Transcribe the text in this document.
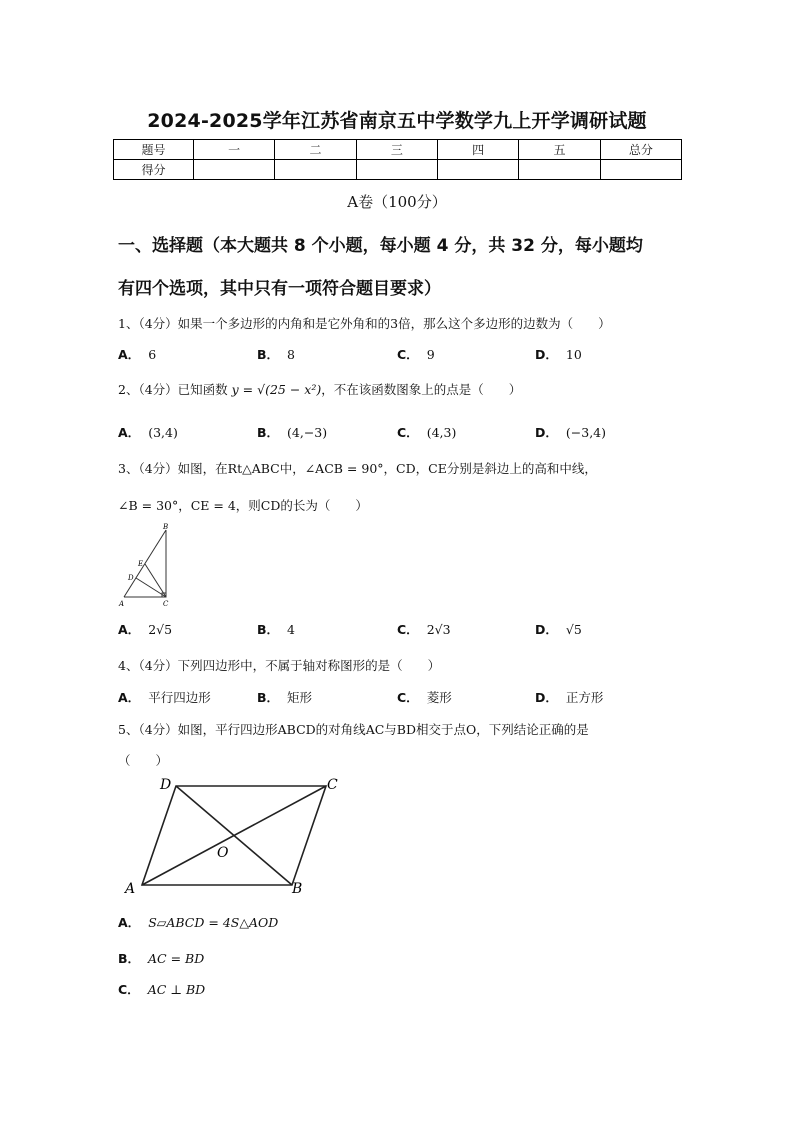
2024-2025学年江苏省南京五中学数学九上开学调研试题
题号	一	二	三	四	五	总分
得分						
A卷（100分）
一、选择题（本大题共 8 个小题，每小题 4 分，共 32 分，每小题均
有四个选项，其中只有一项符合题目要求）
1、（4分）如果一个多边形的内角和是它外角和的3倍，那么这个多边形的边数为（　　）
A． 6	B． 8	C． 9	D． 10
2、（4分）已知函数 y = √(25 − x²)，不在该函数图象上的点是（　　）
A． (3,4)	B． (4,−3)	C． (4,3)	D． (−3,4)
3、（4分）如图，在Rt△ABC中，∠ACB = 90°，CD，CE分别是斜边上的高和中线，
∠B = 30°，CE = 4，则CD的长为（　　）
B
E
D
A	C
A． 2√5	B． 4	C． 2√3	D． √5
4、（4分）下列四边形中，不属于轴对称图形的是（　　）
A． 平行四边形	B． 矩形	C． 菱形	D． 正方形
5、（4分）如图，平行四边形ABCD的对角线AC与BD相交于点O，下列结论正确的是
（　　）
D	C
O
A	B
A． S▱ABCD = 4S△AOD
B． AC = BD
C． AC ⊥ BD
